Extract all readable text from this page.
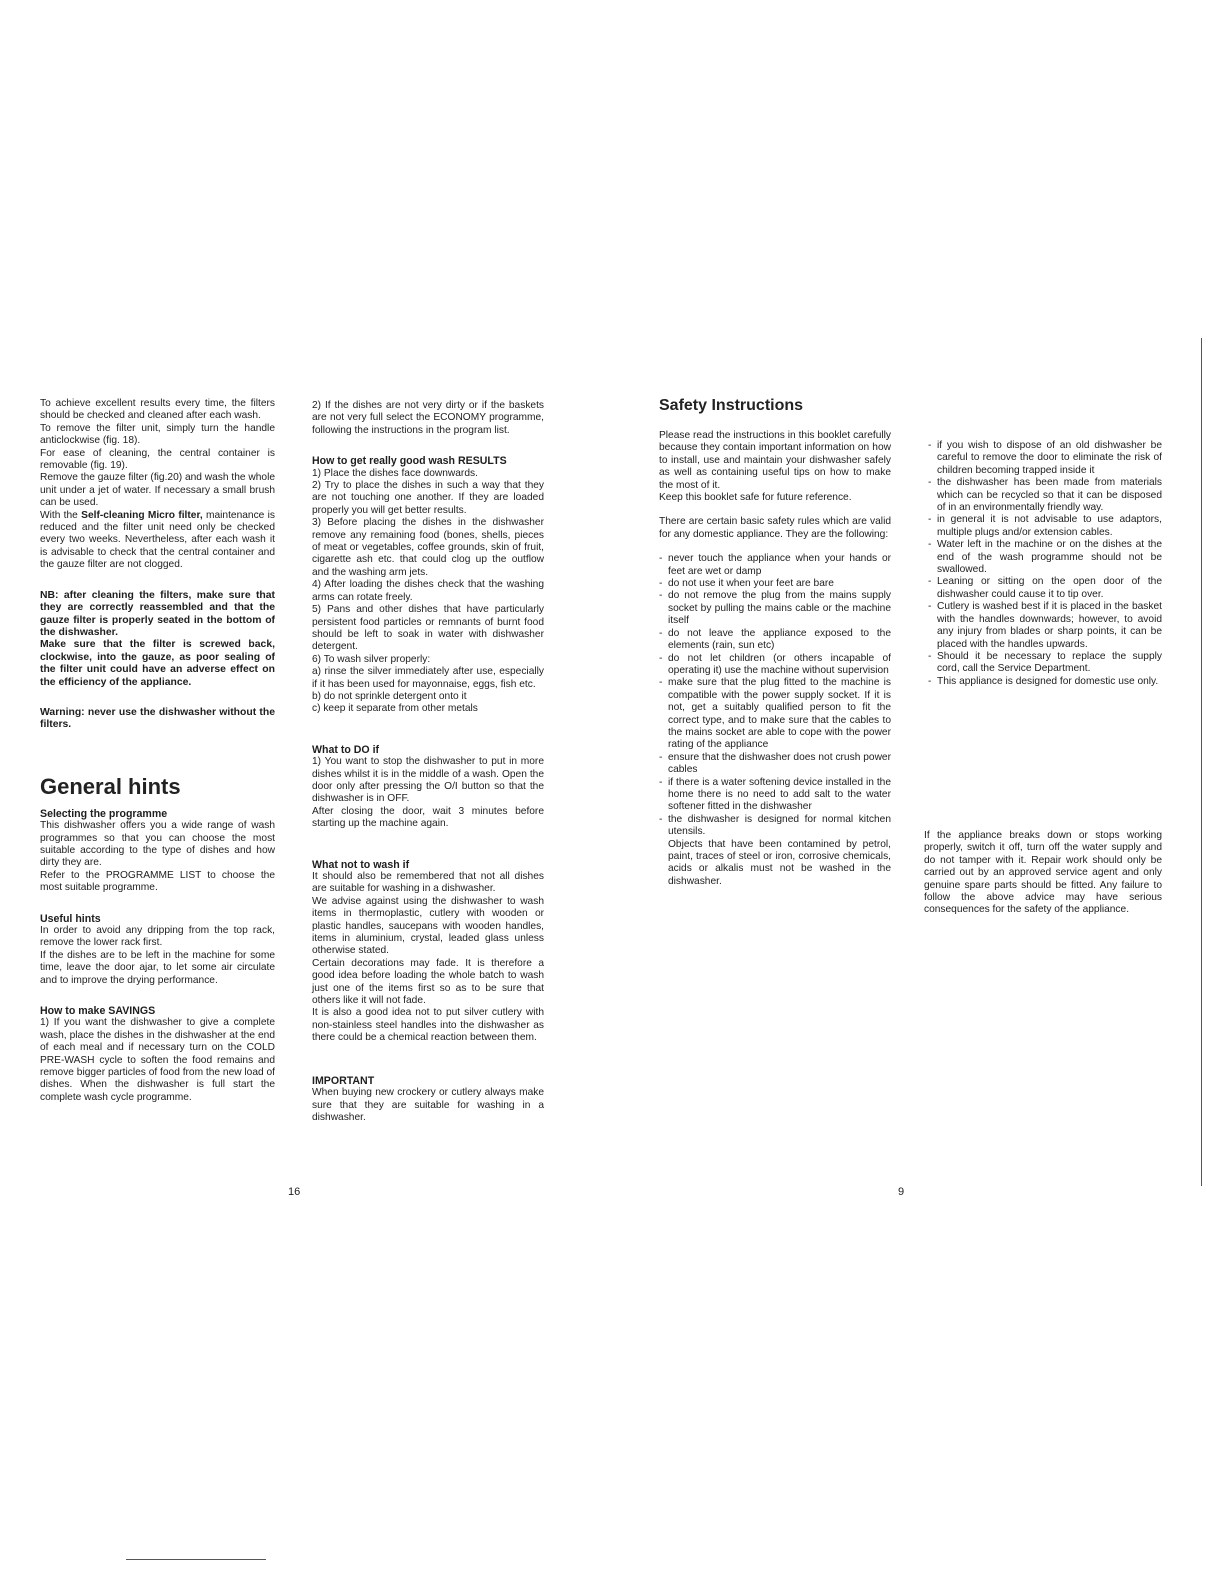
To achieve excellent results every time, the filters should be checked and cleaned after each wash.

To remove the filter unit, simply turn the handle anticlockwise (fig. 18).

For ease of cleaning, the central container is removable (fig. 19).

Remove the gauze filter (fig.20) and wash the whole unit under a jet of water. If necessary a small brush can be used.

With the Self-cleaning Micro filter, maintenance is reduced and the filter unit need only be checked every two weeks. Nevertheless, after each wash it is advisable to check that the central container and the gauze filter are not clogged.

NB: after cleaning the filters, make sure that they are correctly reassembled and that the gauze filter is properly seated in the bottom of the dishwasher.

Make sure that the filter is screwed back, clockwise, into the gauze, as poor sealing of the filter unit could have an adverse effect on the efficiency of the appliance.

Warning: never use the dishwasher without the filters.

General hints

Selecting the programme

This dishwasher offers you a wide range of wash programmes so that you can choose the most suitable according to the type of dishes and how dirty they are.

Refer to the PROGRAMME LIST to choose the most suitable programme.

Useful hints

In order to avoid any dripping from the top rack, remove the lower rack first.

If the dishes are to be left in the machine for some time, leave the door ajar, to let some air circulate and to improve the drying performance.

How to make SAVINGS

1) If you want the dishwasher to give a complete wash, place the dishes in the dishwasher at the end of each meal and if necessary turn on the COLD PRE-WASH cycle to soften the food remains and remove bigger particles of food from the new load of dishes. When the dishwasher is full start the complete wash cycle programme.

2) If the dishes are not very dirty or if the baskets are not very full select the ECONOMY programme, following the instructions in the program list.

How to get really good wash RESULTS

1) Place the dishes face downwards.

2) Try to place the dishes in such a way that they are not touching one another. If they are loaded properly you will get better results.

3) Before placing the dishes in the dishwasher remove any remaining food (bones, shells, pieces of meat or vegetables, coffee grounds, skin of fruit, cigarette ash etc. that could clog up the outflow and the washing arm jets.

4) After loading the dishes check that the washing arms can rotate freely.

5) Pans and other dishes that have particularly persistent food particles or remnants of burnt food should be left to soak in water with dishwasher detergent.

6) To wash silver properly:

a) rinse the silver immediately after use, especially if it has been used for mayonnaise, eggs, fish etc.

b) do not sprinkle detergent onto it

c) keep it separate from other metals

What to DO if

1) You want to stop the dishwasher to put in more dishes whilst it is in the middle of a wash. Open the door only after pressing the O/I button so that the dishwasher is in OFF.

After closing the door, wait 3 minutes before starting up the machine again.

What not to wash if

It should also be remembered that not all dishes are suitable for washing in a dishwasher.

We advise against using the dishwasher to wash items in thermoplastic, cutlery with wooden or plastic handles, saucepans with wooden handles, items in aluminium, crystal, leaded glass unless otherwise stated.

Certain decorations may fade. It is therefore a good idea before loading the whole batch to wash just one of the items first so as to be sure that others like it will not fade.

It is also a good idea not to put silver cutlery with non-stainless steel handles into the dishwasher as there could be a chemical reaction between them.

IMPORTANT

When buying new crockery or cutlery always make sure that they are suitable for washing in a dishwasher.

16
Safety Instructions

Please read the instructions in this booklet carefully because they contain important information on how to install, use and maintain your dishwasher safely as well as containing useful tips on how to make the most of it.

Keep this booklet safe for future reference.

There are certain basic safety rules which are valid for any domestic appliance. They are the following:

- never touch the appliance when your hands or feet are wet or damp
- do not use it when your feet are bare
- do not remove the plug from the mains supply socket by pulling the mains cable or the machine itself
- do not leave the appliance exposed to the elements (rain, sun etc)
- do not let children (or others incapable of operating it) use the machine without supervision
- make sure that the plug fitted to the machine is compatible with the power supply socket. If it is not, get a suitably qualified person to fit the correct type, and to make sure that the cables to the mains socket are able to cope with the power rating of the appliance
- ensure that the dishwasher does not crush power cables
- if there is a water softening device installed in the home there is no need to add salt to the water softener fitted in the dishwasher
- the dishwasher is designed for normal kitchen utensils.

Objects that have been contamined by petrol, paint, traces of steel or iron, corrosive chemicals, acids or alkalis must not be washed in the dishwasher.

- if you wish to dispose of an old dishwasher be careful to remove the door to eliminate the risk of children becoming trapped inside it
- the dishwasher has been made from materials which can be recycled so that it can be disposed of in an environmentally friendly way.
- in general it is not advisable to use adaptors, multiple plugs and/or extension cables.
- Water left in the machine or on the dishes at the end of the wash programme should not be swallowed.
- Leaning or sitting on the open door of the dishwasher could cause it to tip over.
- Cutlery is washed best if it is placed in the basket with the handles downwards; however, to avoid any injury from blades or sharp points, it can be placed with the handles upwards.
- Should it be necessary to replace the supply cord, call the Service Department.
- This appliance is designed for domestic use only.

If the appliance breaks down or stops working properly, switch it off, turn off the water supply and do not tamper with it. Repair work should only be carried out by an approved service agent and only genuine spare parts should be fitted. Any failure to follow the above advice may have serious consequences for the safety of the appliance.

9
